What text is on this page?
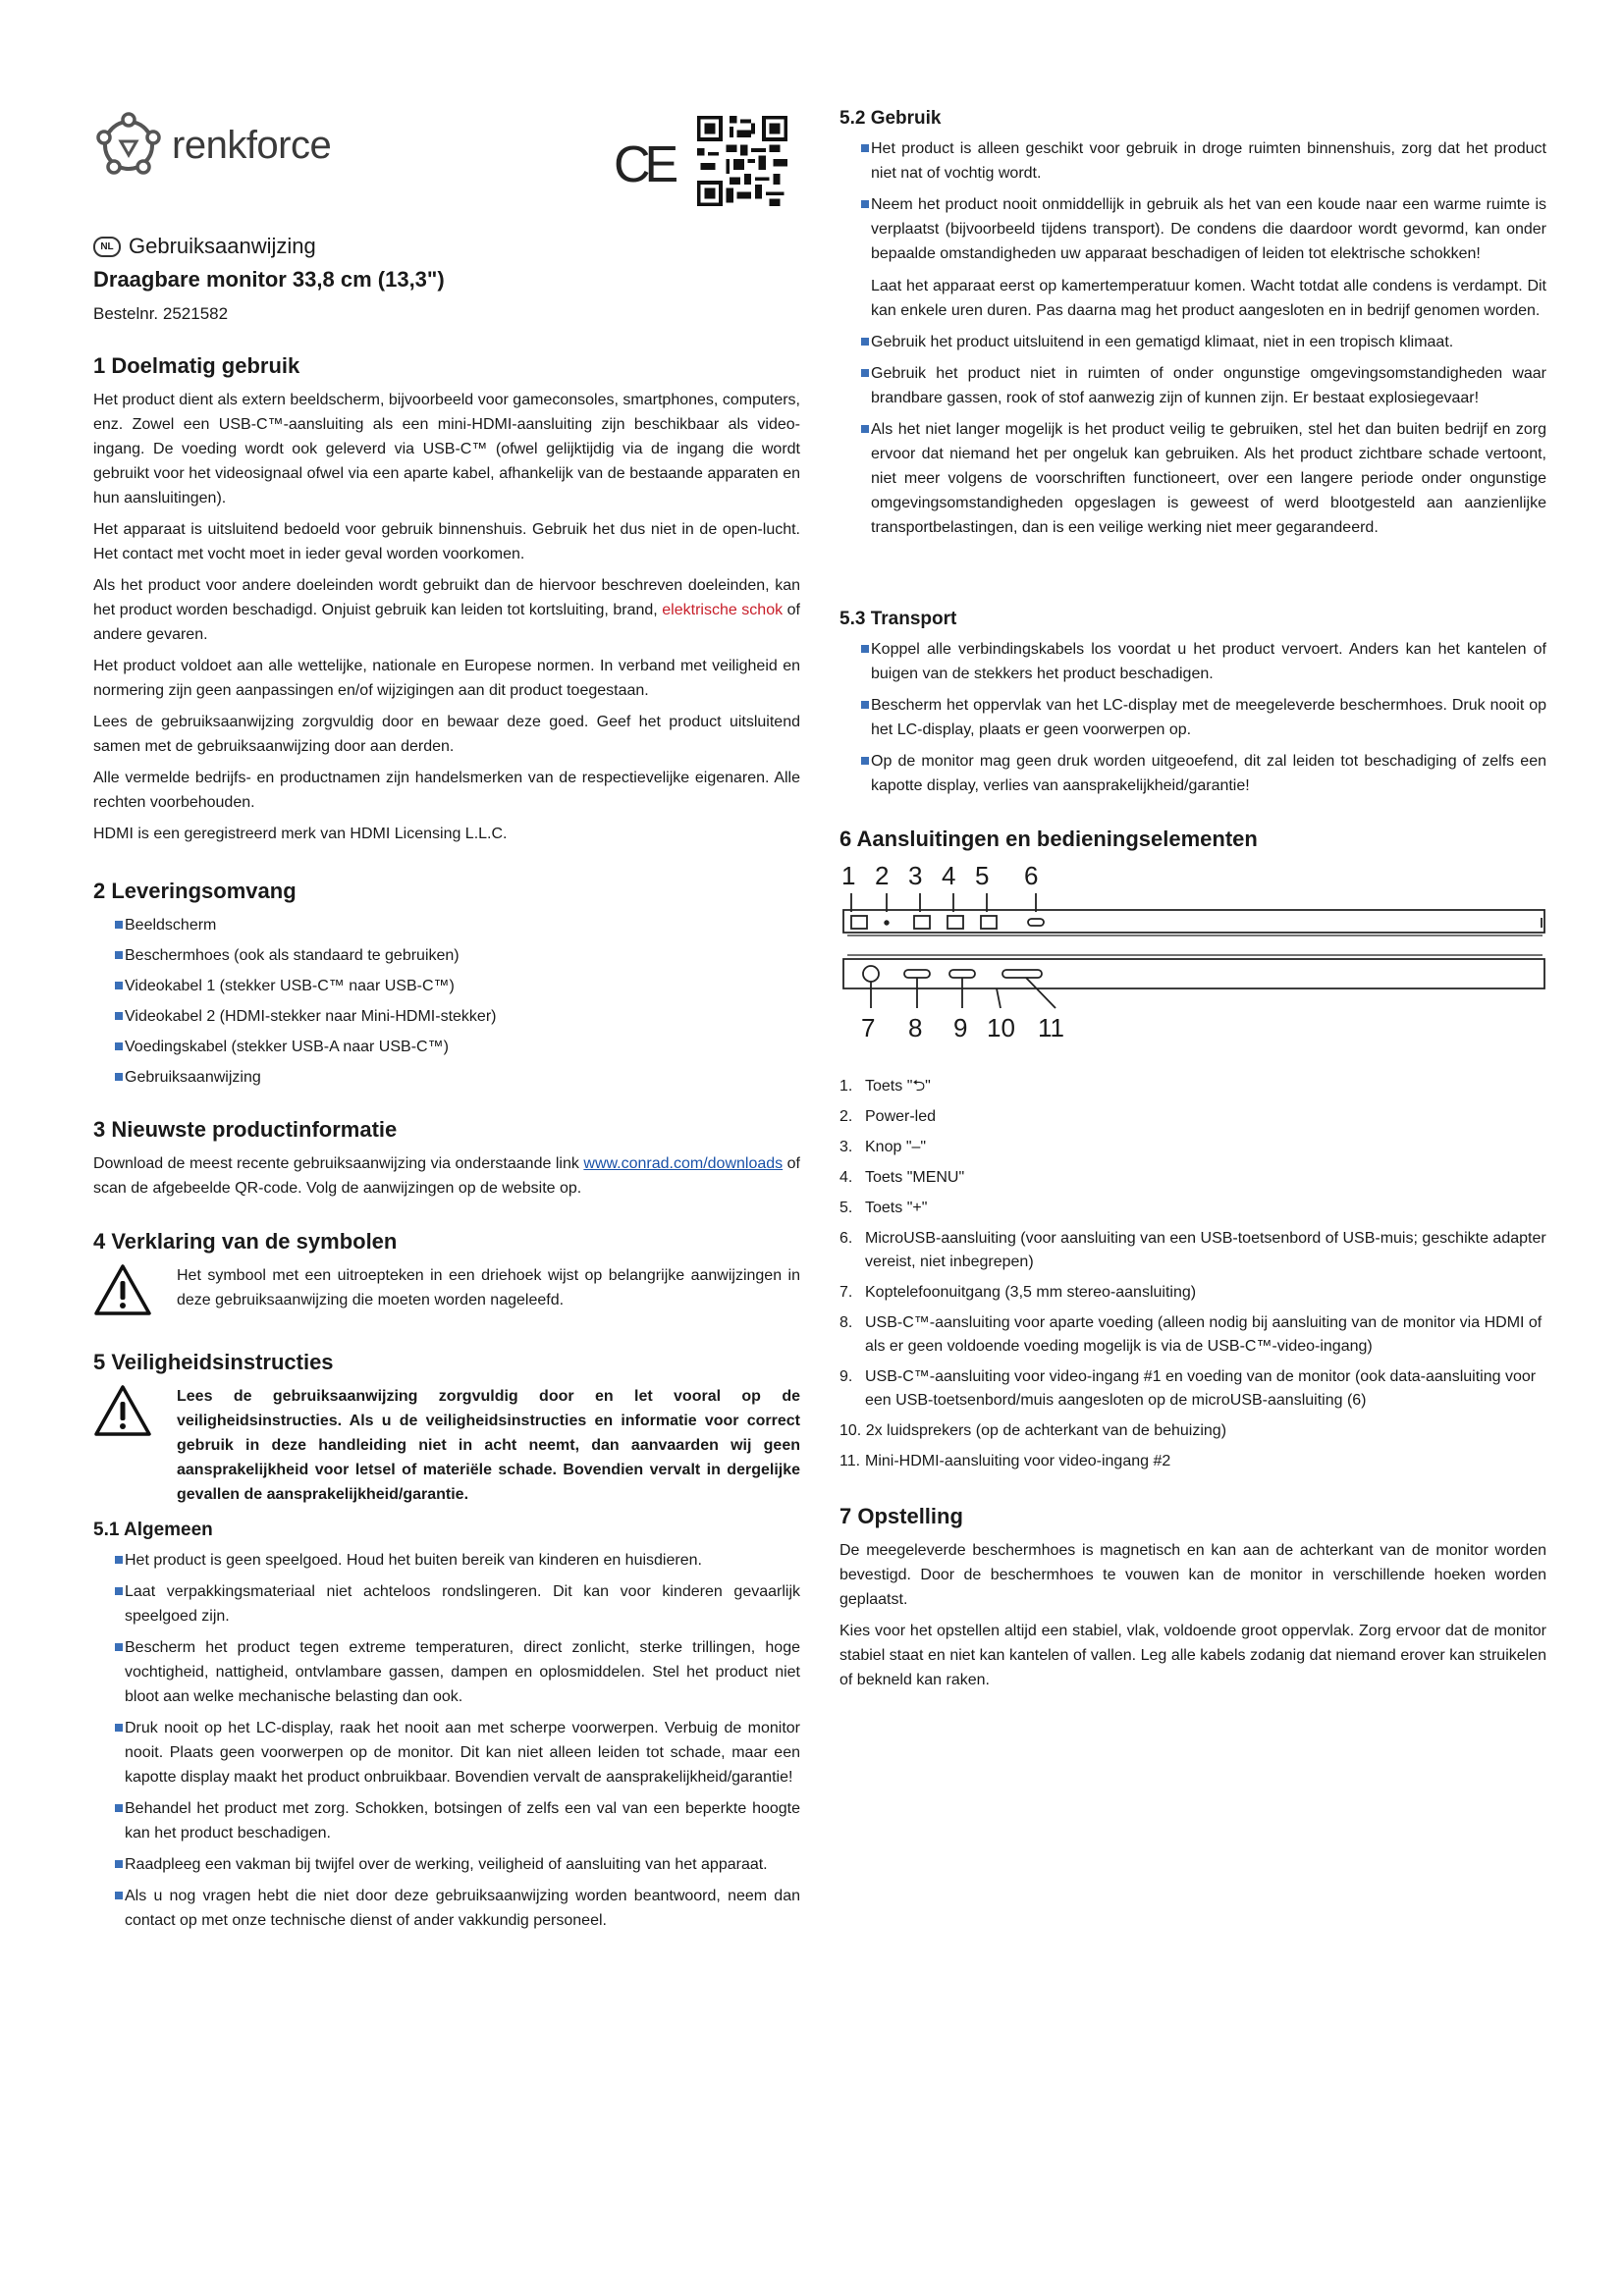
renkforce	CE
NL Gebruiksaanwijzing
Draagbare monitor 33,8 cm (13,3")
Bestelnr. 2521582
1 Doelmatig gebruik

Het product dient als extern beeldscherm, bijvoorbeeld voor gameconsoles, smartphones, computers, enz. Zowel een USB-C™-aansluiting als een mini-HDMI-aansluiting zijn beschikbaar als video-ingang. De voeding wordt ook geleverd via USB-C™ (ofwel gelijktijdig via de ingang die wordt gebruikt voor het videosignaal ofwel via een aparte kabel, afhankelijk van de bestaande apparaten en hun aansluitingen).

Het apparaat is uitsluitend bedoeld voor gebruik binnenshuis. Gebruik het dus niet in de open-lucht. Het contact met vocht moet in ieder geval worden voorkomen.

Als het product voor andere doeleinden wordt gebruikt dan de hiervoor beschreven doeleinden, kan het product worden beschadigd. Onjuist gebruik kan leiden tot kortsluiting, brand, elektrische schok of andere gevaren.

Het product voldoet aan alle wettelijke, nationale en Europese normen. In verband met veiligheid en normering zijn geen aanpassingen en/of wijzigingen aan dit product toegestaan.

Lees de gebruiksaanwijzing zorgvuldig door en bewaar deze goed. Geef het product uitsluitend samen met de gebruiksaanwijzing door aan derden.

Alle vermelde bedrijfs- en productnamen zijn handelsmerken van de respectievelijke eigenaren. Alle rechten voorbehouden.

HDMI is een geregistreerd merk van HDMI Licensing L.L.C.

2 Leveringsomvang
Beeldscherm
Beschermhoes (ook als standaard te gebruiken)
Videokabel 1 (stekker USB-C™ naar USB-C™)
Videokabel 2 (HDMI-stekker naar Mini-HDMI-stekker)
Voedingskabel (stekker USB-A naar USB-C™)
Gebruiksaanwijzing
3 Nieuwste productinformatie

Download de meest recente gebruiksaanwijzing via onderstaande link www.conrad.com/downloads of scan de afgebeelde QR-code. Volg de aanwijzingen op de website op.

4 Verklaring van de symbolen

Het symbool met een uitroepteken in een driehoek wijst op belangrijke aanwijzingen in deze gebruiksaanwijzing die moeten worden nageleefd.

5 Veiligheidsinstructies

Lees de gebruiksaanwijzing zorgvuldig door en let vooral op de veiligheidsinstructies. Als u de veiligheidsinstructies en informatie voor correct gebruik in deze handleiding niet in acht neemt, dan aanvaarden wij geen aansprakelijkheid voor letsel of materiële schade. Bovendien vervalt in dergelijke gevallen de aansprakelijkheid/garantie.

5.1 Algemeen
Het product is geen speelgoed. Houd het buiten bereik van kinderen en huisdieren.
Laat verpakkingsmateriaal niet achteloos rondslingeren. Dit kan voor kinderen gevaarlijk speelgoed zijn.
Bescherm het product tegen extreme temperaturen, direct zonlicht, sterke trillingen, hoge vochtigheid, nattigheid, ontvlambare gassen, dampen en oplosmiddelen. Stel het product niet bloot aan welke mechanische belasting dan ook.
Druk nooit op het LC-display, raak het nooit aan met scherpe voorwerpen. Verbuig de monitor nooit. Plaats geen voorwerpen op de monitor. Dit kan niet alleen leiden tot schade, maar een kapotte display maakt het product onbruikbaar. Bovendien vervalt de aansprakelijkheid/garantie!
Behandel het product met zorg. Schokken, botsingen of zelfs een val van een beperkte hoogte kan het product beschadigen.
Raadpleeg een vakman bij twijfel over de werking, veiligheid of aansluiting van het apparaat.
Als u nog vragen hebt die niet door deze gebruiksaanwijzing worden beantwoord, neem dan contact op met onze technische dienst of ander vakkundig personeel.
5.2 Gebruik
Het product is alleen geschikt voor gebruik in droge ruimten binnenshuis, zorg dat het product niet nat of vochtig wordt.
Neem het product nooit onmiddellijk in gebruik als het van een koude naar een warme ruimte is verplaatst (bijvoorbeeld tijdens transport). De condens die daardoor wordt gevormd, kan onder bepaalde omstandigheden uw apparaat beschadigen of leiden tot elektrische schokken!
Laat het apparaat eerst op kamertemperatuur komen. Wacht totdat alle condens is verdampt. Dit kan enkele uren duren. Pas daarna mag het product aangesloten en in bedrijf genomen worden.
Gebruik het product uitsluitend in een gematigd klimaat, niet in een tropisch klimaat.
Gebruik het product niet in ruimten of onder ongunstige omgevingsomstandigheden waar brandbare gassen, rook of stof aanwezig zijn of kunnen zijn. Er bestaat explosiegevaar!
Als het niet langer mogelijk is het product veilig te gebruiken, stel het dan buiten bedrijf en zorg ervoor dat niemand het per ongeluk kan gebruiken. Als het product zichtbare schade vertoont, niet meer volgens de voorschriften functioneert, over een langere periode onder ongunstige omgevingsomstandigheden opgeslagen is geweest of werd blootgesteld aan aanzienlijke transportbelastingen, dan is een veilige werking niet meer gegarandeerd.
5.3 Transport
Koppel alle verbindingskabels los voordat u het product vervoert. Anders kan het kantelen of buigen van de stekkers het product beschadigen.
Bescherm het oppervlak van het LC-display met de meegeleverde beschermhoes. Druk nooit op het LC-display, plaats er geen voorwerpen op.
Op de monitor mag geen druk worden uitgeoefend, dit zal leiden tot beschadiging of zelfs een kapotte display, verlies van aansprakelijkheid/garantie!
6 Aansluitingen en bedieningselementen
1 2 3 4 5 6
7 8 9 10 11
1. Toets "⮌"
2. Power-led
3. Knop "–"
4. Toets "MENU"
5. Toets "+"
6. MicroUSB-aansluiting (voor aansluiting van een USB-toetsenbord of USB-muis; geschikte adapter vereist, niet inbegrepen)
7. Koptelefoonuitgang (3,5 mm stereo-aansluiting)
8. USB-C™-aansluiting voor aparte voeding (alleen nodig bij aansluiting van de monitor via HDMI of als er geen voldoende voeding mogelijk is via de USB-C™-video-ingang)
9. USB-C™-aansluiting voor video-ingang #1 en voeding van de monitor (ook data-aansluiting voor een USB-toetsenbord/muis aangesloten op de microUSB-aansluiting (6)
10. 2x luidsprekers (op de achterkant van de behuizing)
11. Mini-HDMI-aansluiting voor video-ingang #2
7 Opstelling

De meegeleverde beschermhoes is magnetisch en kan aan de achterkant van de monitor worden bevestigd. Door de beschermhoes te vouwen kan de monitor in verschillende hoeken worden geplaatst.

Kies voor het opstellen altijd een stabiel, vlak, voldoende groot oppervlak. Zorg ervoor dat de monitor stabiel staat en niet kan kantelen of vallen. Leg alle kabels zodanig dat niemand erover kan struikelen of bekneld kan raken.
